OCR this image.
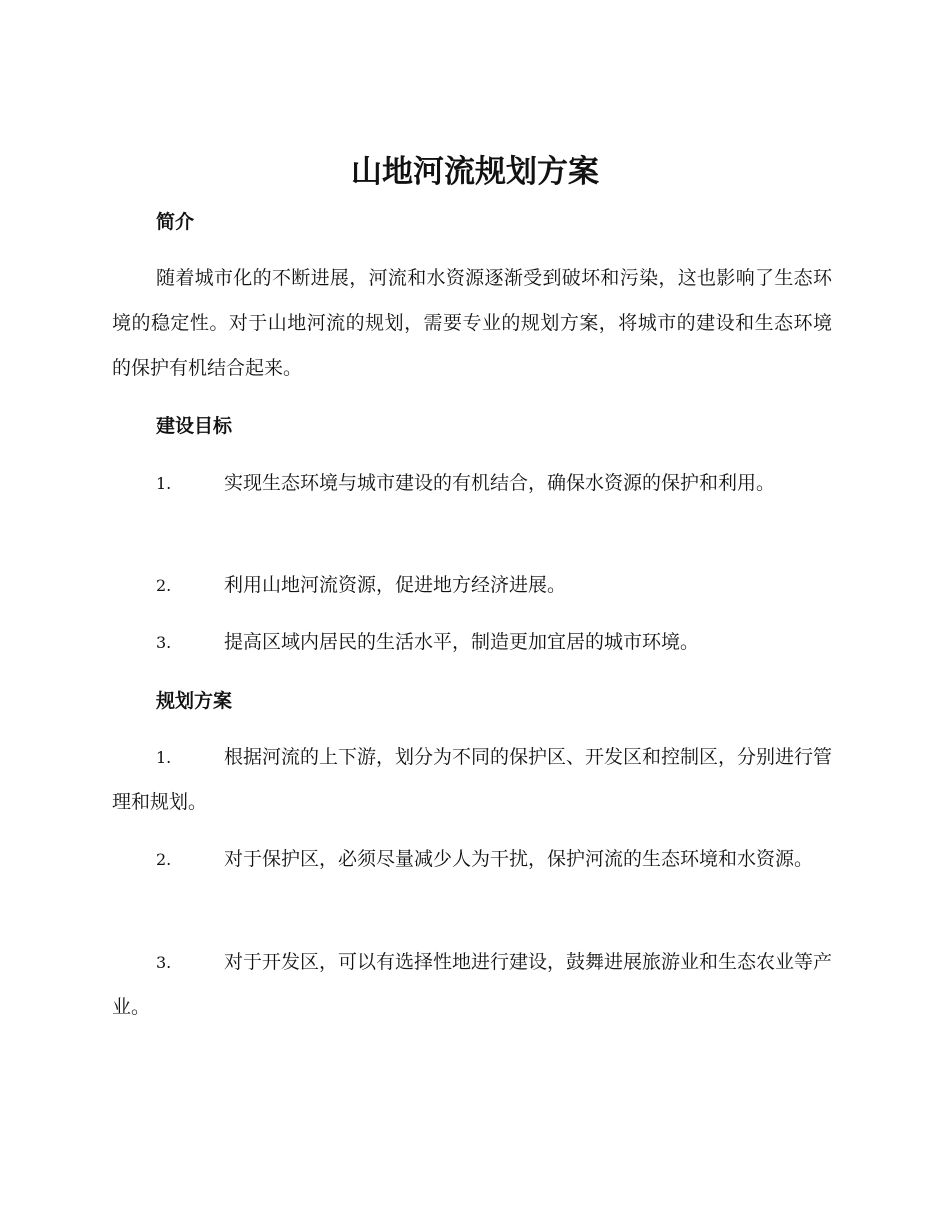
山地河流规划方案
简介

随着城市化的不断进展，河流和水资源逐渐受到破坏和污染，这也影响了生态环境的稳定性。对于山地河流的规划，需要专业的规划方案，将城市的建设和生态环境的保护有机结合起来。

建设目标
1.	实现生态环境与城市建设的有机结合，确保水资源的保护和利用。
2.	利用山地河流资源，促进地方经济进展。
3.	提高区域内居民的生活水平，制造更加宜居的城市环境。
规划方案
1.	根据河流的上下游，划分为不同的保护区、开发区和控制区，分别进行管理和规划。
2.	对于保护区，必须尽量减少人为干扰，保护河流的生态环境和水资源。
3.	对于开发区，可以有选择性地进行建设，鼓舞进展旅游业和生态农业等产业。
